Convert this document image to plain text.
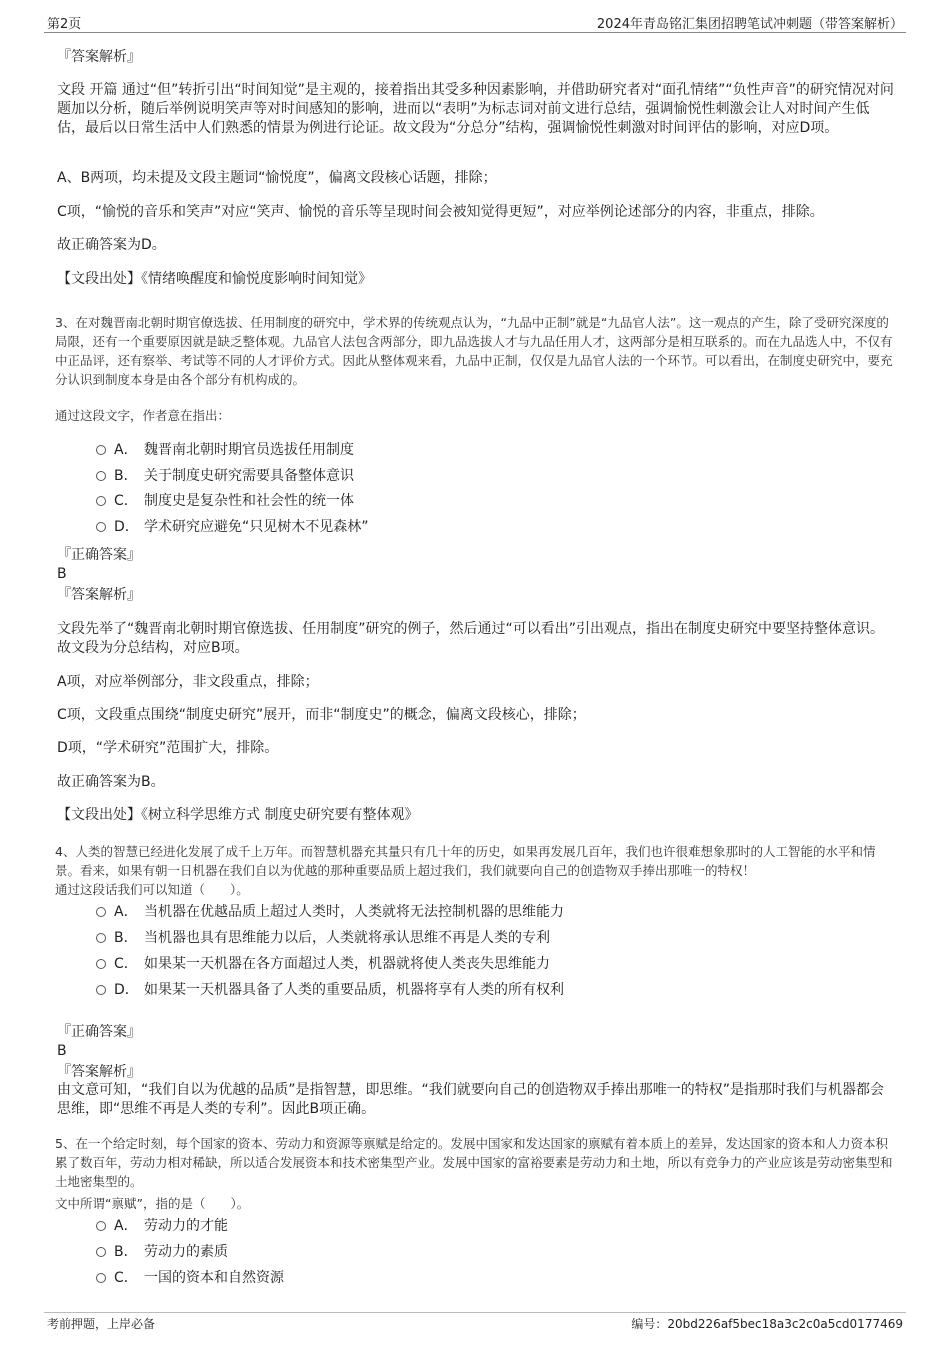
第2页	2024年青岛铭汇集团招聘笔试冲刺题（带答案解析）
『答案解析』
文段 开篇 通过“但”转折引出“时间知觉”是主观的，接着指出其受多种因素影响，并借助研究者对“面孔情绪”“负性声音”的研究情况对问题加以分析，随后举例说明笑声等对时间感知的影响，进而以“表明”为标志词对前文进行总结，强调愉悦性刺激会让人对时间产生低估，最后以日常生活中人们熟悉的情景为例进行论证。故文段为“分总分”结构，强调愉悦性刺激对时间评估的影响，对应D项。
A、B两项，均未提及文段主题词“愉悦度”，偏离文段核心话题，排除；
C项，“愉悦的音乐和笑声”对应“笑声、愉悦的音乐等呈现时间会被知觉得更短”，对应举例论述部分的内容，非重点，排除。
故正确答案为D。
【文段出处】《情绪唤醒度和愉悦度影响时间知觉》
3、在对魏晋南北朝时期官僚选拔、任用制度的研究中，学术界的传统观点认为，“九品中正制”就是“九品官人法”。这一观点的产生，除了受研究深度的局限，还有一个重要原因就是缺乏整体观。九品官人法包含两部分，即九品选拔人才与九品任用人才，这两部分是相互联系的。而在九品选人中，不仅有中正品评，还有察举、考试等不同的人才评价方式。因此从整体观来看，九品中正制，仅仅是九品官人法的一个环节。可以看出，在制度史研究中，要充分认识到制度本身是由各个部分有机构成的。
通过这段文字，作者意在指出：
A． 魏晋南北朝时期官员选拔任用制度
B． 关于制度史研究需要具备整体意识
C． 制度史是复杂性和社会性的统一体
D． 学术研究应避免“只见树木不见森林”
『正确答案』
B
『答案解析』
文段先举了“魏晋南北朝时期官僚选拔、任用制度”研究的例子，然后通过“可以看出”引出观点，指出在制度史研究中要坚持整体意识。故文段为分总结构，对应B项。
A项，对应举例部分，非文段重点，排除；
C项，文段重点围绕“制度史研究”展开，而非“制度史”的概念，偏离文段核心，排除；
D项，“学术研究”范围扩大，排除。
故正确答案为B。
【文段出处】《树立科学思维方式 制度史研究要有整体观》
4、人类的智慧已经进化发展了成千上万年。而智慧机器充其量只有几十年的历史，如果再发展几百年，我们也许很难想象那时的人工智能的水平和情景。看来，如果有朝一日机器在我们自以为优越的那种重要品质上超过我们，我们就要向自己的创造物双手捧出那唯一的特权！
通过这段话我们可以知道（　　）。
A． 当机器在优越品质上超过人类时，人类就将无法控制机器的思维能力
B． 当机器也具有思维能力以后，人类就将承认思维不再是人类的专利
C． 如果某一天机器在各方面超过人类，机器就将使人类丧失思维能力
D． 如果某一天机器具备了人类的重要品质，机器将享有人类的所有权利
『正确答案』
B
『答案解析』
由文意可知，“我们自以为优越的品质”是指智慧，即思维。“我们就要向自己的创造物双手捧出那唯一的特权”是指那时我们与机器都会思维，即“思维不再是人类的专利”。因此B项正确。
5、在一个给定时刻，每个国家的资本、劳动力和资源等禀赋是给定的。发展中国家和发达国家的禀赋有着本质上的差异，发达国家的资本和人力资本积累了数百年，劳动力相对稀缺，所以适合发展资本和技术密集型产业。发展中国家的富裕要素是劳动力和土地，所以有竞争力的产业应该是劳动密集型和土地密集型的。
文中所谓“禀赋”，指的是（　　）。
A． 劳动力的才能
B． 劳动力的素质
C． 一国的资本和自然资源
考前押题，上岸必备	编号：20bd226af5bec18a3c2c0a5cd0177469
